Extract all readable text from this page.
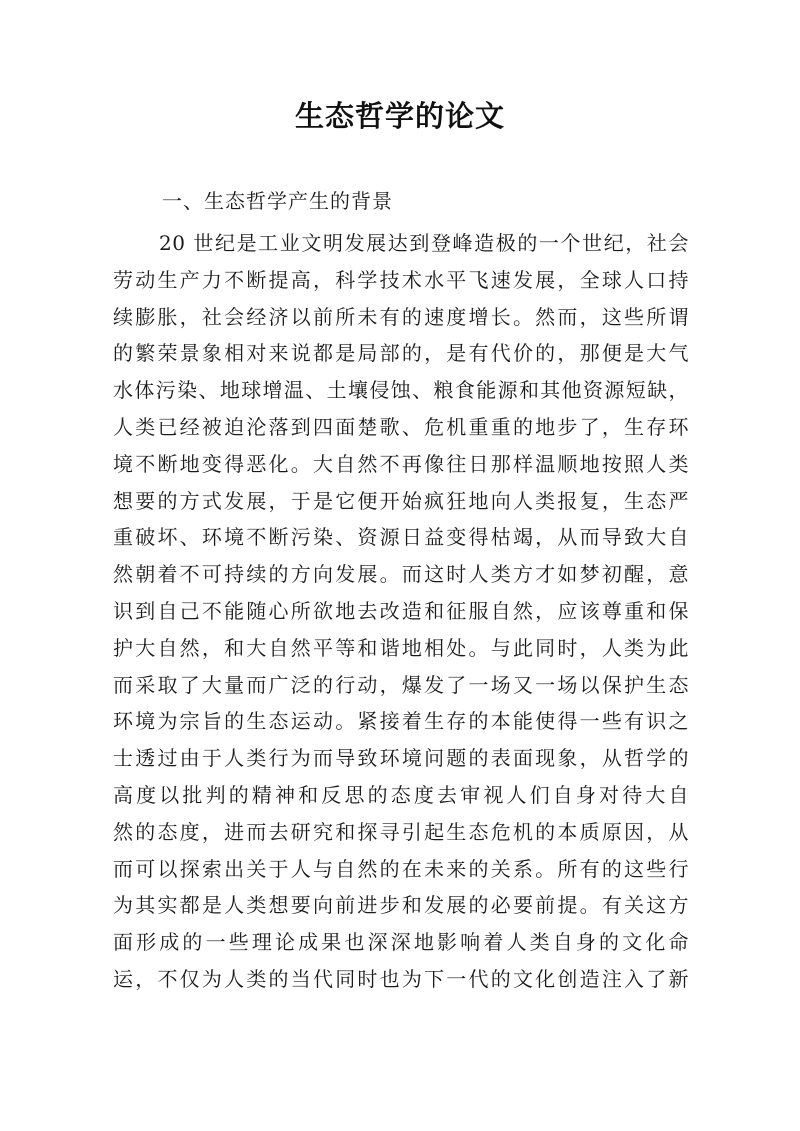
生态哲学的论文
一、生态哲学产生的背景
20 世纪是工业文明发展达到登峰造极的一个世纪，社会
劳动生产力不断提高，科学技术水平飞速发展，全球人口持
续膨胀，社会经济以前所未有的速度增长。然而，这些所谓
的繁荣景象相对来说都是局部的，是有代价的，那便是大气
水体污染、地球增温、土壤侵蚀、粮食能源和其他资源短缺，
人类已经被迫沦落到四面楚歌、危机重重的地步了，生存环
境不断地变得恶化。大自然不再像往日那样温顺地按照人类
想要的方式发展，于是它便开始疯狂地向人类报复，生态严
重破坏、环境不断污染、资源日益变得枯竭，从而导致大自
然朝着不可持续的方向发展。而这时人类方才如梦初醒，意
识到自己不能随心所欲地去改造和征服自然，应该尊重和保
护大自然，和大自然平等和谐地相处。与此同时，人类为此
而采取了大量而广泛的行动，爆发了一场又一场以保护生态
环境为宗旨的生态运动。紧接着生存的本能使得一些有识之
士透过由于人类行为而导致环境问题的表面现象，从哲学的
高度以批判的精神和反思的态度去审视人们自身对待大自
然的态度，进而去研究和探寻引起生态危机的本质原因，从
而可以探索出关于人与自然的在未来的关系。所有的这些行
为其实都是人类想要向前进步和发展的必要前提。有关这方
面形成的一些理论成果也深深地影响着人类自身的文化命
运，不仅为人类的当代同时也为下一代的文化创造注入了新
